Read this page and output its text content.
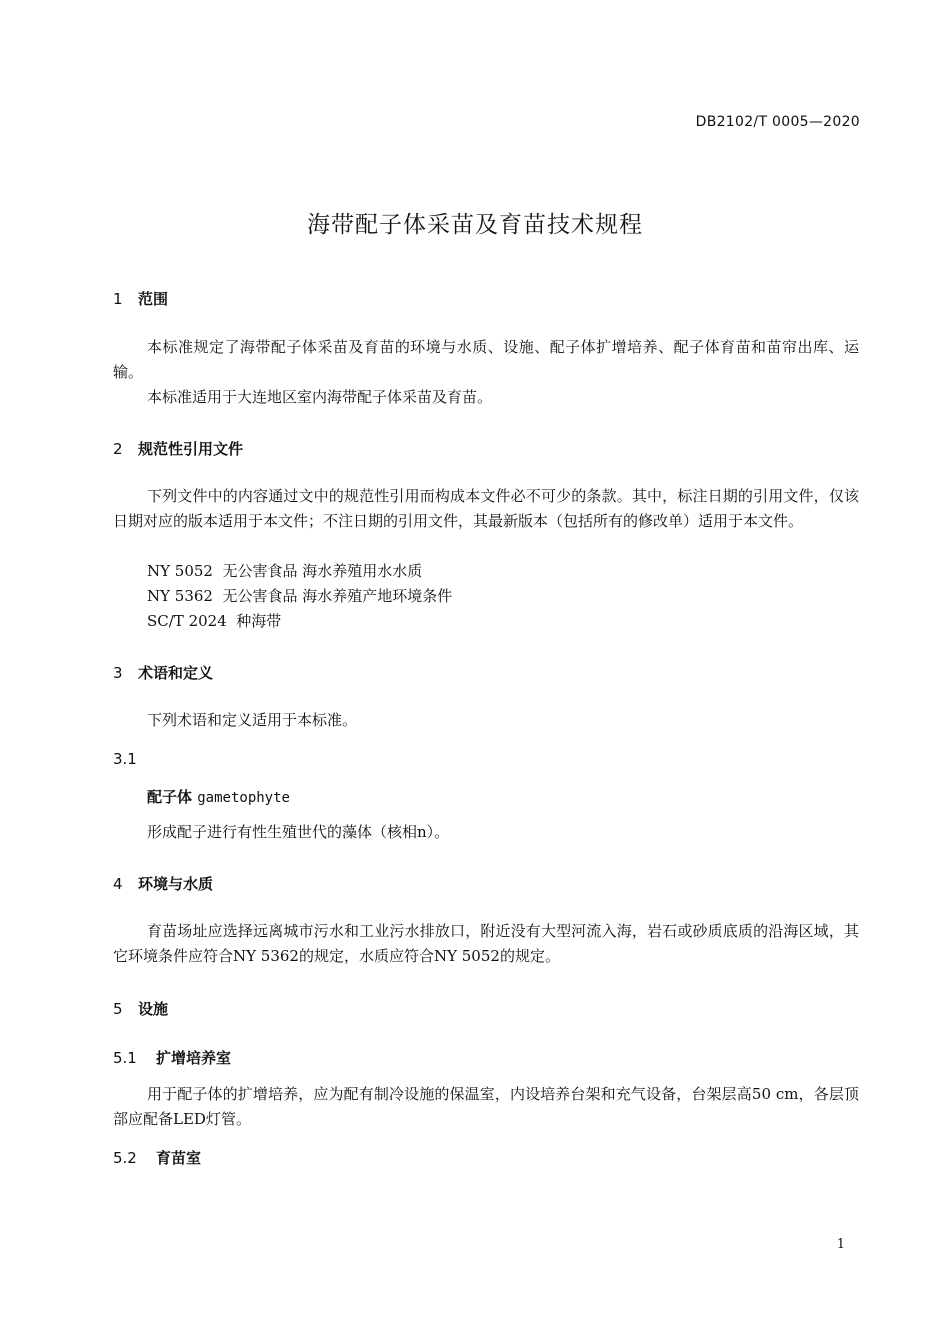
DB2102/T 0005—2020
海带配子体采苗及育苗技术规程
1 范围
本标准规定了海带配子体采苗及育苗的环境与水质、设施、配子体扩增培养、配子体育苗和苗帘出库、运输。
本标准适用于大连地区室内海带配子体采苗及育苗。
2 规范性引用文件
下列文件中的内容通过文中的规范性引用而构成本文件必不可少的条款。其中，标注日期的引用文件，仅该日期对应的版本适用于本文件；不注日期的引用文件，其最新版本（包括所有的修改单）适用于本文件。
NY 5052  无公害食品 海水养殖用水水质
NY 5362  无公害食品 海水养殖产地环境条件
SC/T 2024  种海带
3 术语和定义
下列术语和定义适用于本标准。
3.1
配子体 gametophyte
形成配子进行有性生殖世代的藻体（核相n）。
4 环境与水质
育苗场址应选择远离城市污水和工业污水排放口，附近没有大型河流入海，岩石或砂质底质的沿海区域，其它环境条件应符合NY 5362的规定，水质应符合NY 5052的规定。
5 设施
5.1 扩增培养室
用于配子体的扩增培养，应为配有制冷设施的保温室，内设培养台架和充气设备，台架层高50 cm，各层顶部应配备LED灯管。
5.2 育苗室
1
